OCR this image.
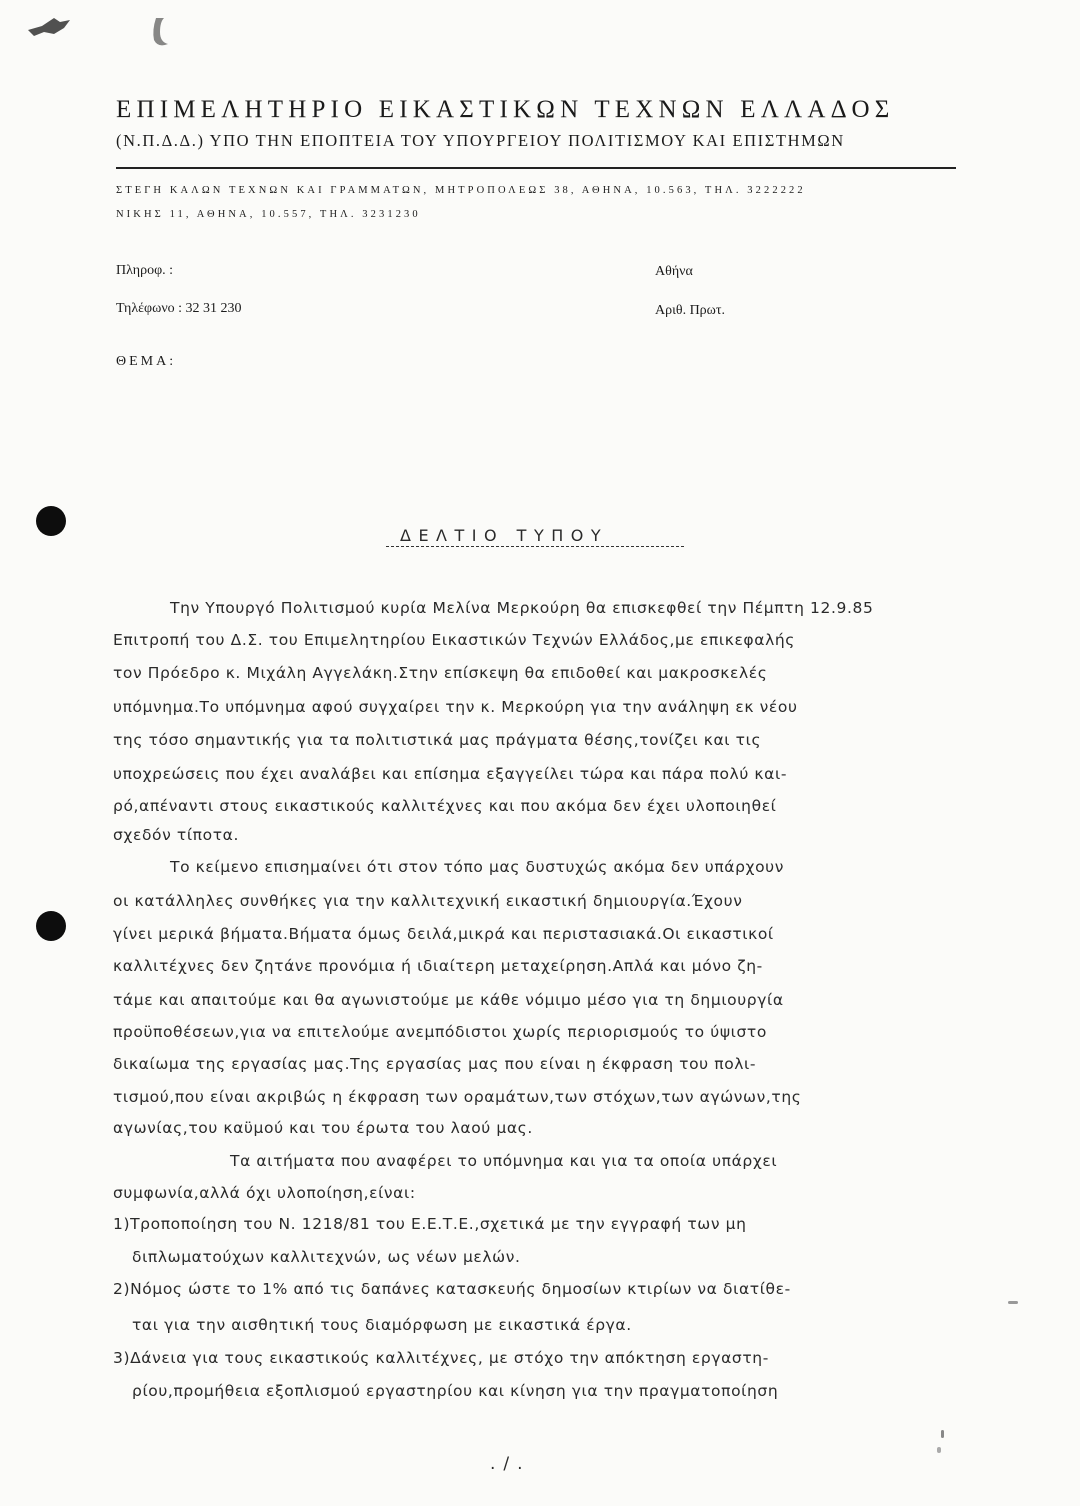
ΕΠΙΜΕΛΗΤΗΡΙΟ ΕΙΚΑΣΤΙΚΩΝ ΤΕΧΝΩΝ ΕΛΛΑΔΟΣ
(Ν.Π.Δ.Δ.) ΥΠΟ ΤΗΝ ΕΠΟΠΤΕΙΑ ΤΟΥ ΥΠΟΥΡΓΕΙΟΥ ΠΟΛΙΤΙΣΜΟΥ ΚΑΙ ΕΠΙΣΤΗΜΩΝ
ΣΤΕΓΗ ΚΑΛΩΝ ΤΕΧΝΩΝ ΚΑΙ ΓΡΑΜΜΑΤΩΝ, ΜΗΤΡΟΠΟΛΕΩΣ 38, ΑΘΗΝΑ, 10.563, ΤΗΛ. 3222222
ΝΙΚΗΣ 11, ΑΘΗΝΑ, 10.557, ΤΗΛ. 3231230
Πληροφ. :
Τηλέφωνο : 32 31 230
Αθήνα
Αριθ. Πρωτ.
ΘΕΜΑ:
ΔΕΛΤΙΟ ΤΥΠΟΥ
Την Υπουργό Πολιτισμού κυρία Μελίνα Μερκούρη θα επισκεφθεί την Πέμπτη 12.9.85
Επιτροπή του Δ.Σ. του Επιμελητηρίου Εικαστικών Τεχνών Ελλάδος,με επικεφαλής
τον Πρόεδρο κ. Μιχάλη Αγγελάκη.Στην επίσκεψη θα επιδοθεί και μακροσκελές
υπόμνημα.Το υπόμνημα αφού συγχαίρει την κ. Μερκούρη για την ανάληψη εκ νέου
της τόσο σημαντικής για τα πολιτιστικά μας πράγματα θέσης,τονίζει και τις
υποχρεώσεις που έχει αναλάβει και επίσημα εξαγγείλει τώρα και πάρα πολύ και-
ρό,απέναντι στους εικαστικούς καλλιτέχνες και που ακόμα δεν έχει υλοποιηθεί
σχεδόν τίποτα.
Το κείμενο επισημαίνει ότι στον τόπο μας δυστυχώς ακόμα δεν υπάρχουν
οι κατάλληλες συνθήκες για την καλλιτεχνική εικαστική δημιουργία.Έχουν
γίνει μερικά βήματα.Βήματα όμως δειλά,μικρά και περιστασιακά.Οι εικαστικοί
καλλιτέχνες δεν ζητάνε προνόμια ή ιδιαίτερη μεταχείρηση.Απλά και μόνο ζη-
τάμε και απαιτούμε και θα αγωνιστούμε με κάθε νόμιμο μέσο για τη δημιουργία
προϋποθέσεων,για να επιτελούμε ανεμπόδιστοι χωρίς περιορισμούς το ύψιστο
δικαίωμα της εργασίας μας.Της εργασίας μας που είναι η έκφραση του πολι-
τισμού,που είναι ακριβώς η έκφραση των οραμάτων,των στόχων,των αγώνων,της
αγωνίας,του καϋμού και του έρωτα του λαού μας.
Τα αιτήματα που αναφέρει το υπόμνημα και για τα οποία υπάρχει
συμφωνία,αλλά όχι υλοποίηση,είναι:
1)Τροποποίηση του Ν. 1218/81 του Ε.Ε.Τ.Ε.,σχετικά με την εγγραφή των μη
διπλωματούχων καλλιτεχνών, ως νέων μελών.
2)Νόμος ώστε το 1% από τις δαπάνες κατασκευής δημοσίων κτιρίων να διατίθε-
ται για την αισθητική τους διαμόρφωση με εικαστικά έργα.
3)Δάνεια για τους εικαστικούς καλλιτέχνες, με στόχο την απόκτηση εργαστη-
ρίου,προμήθεια εξοπλισμού εργαστηρίου και κίνηση για την πραγματοποίηση
./.
